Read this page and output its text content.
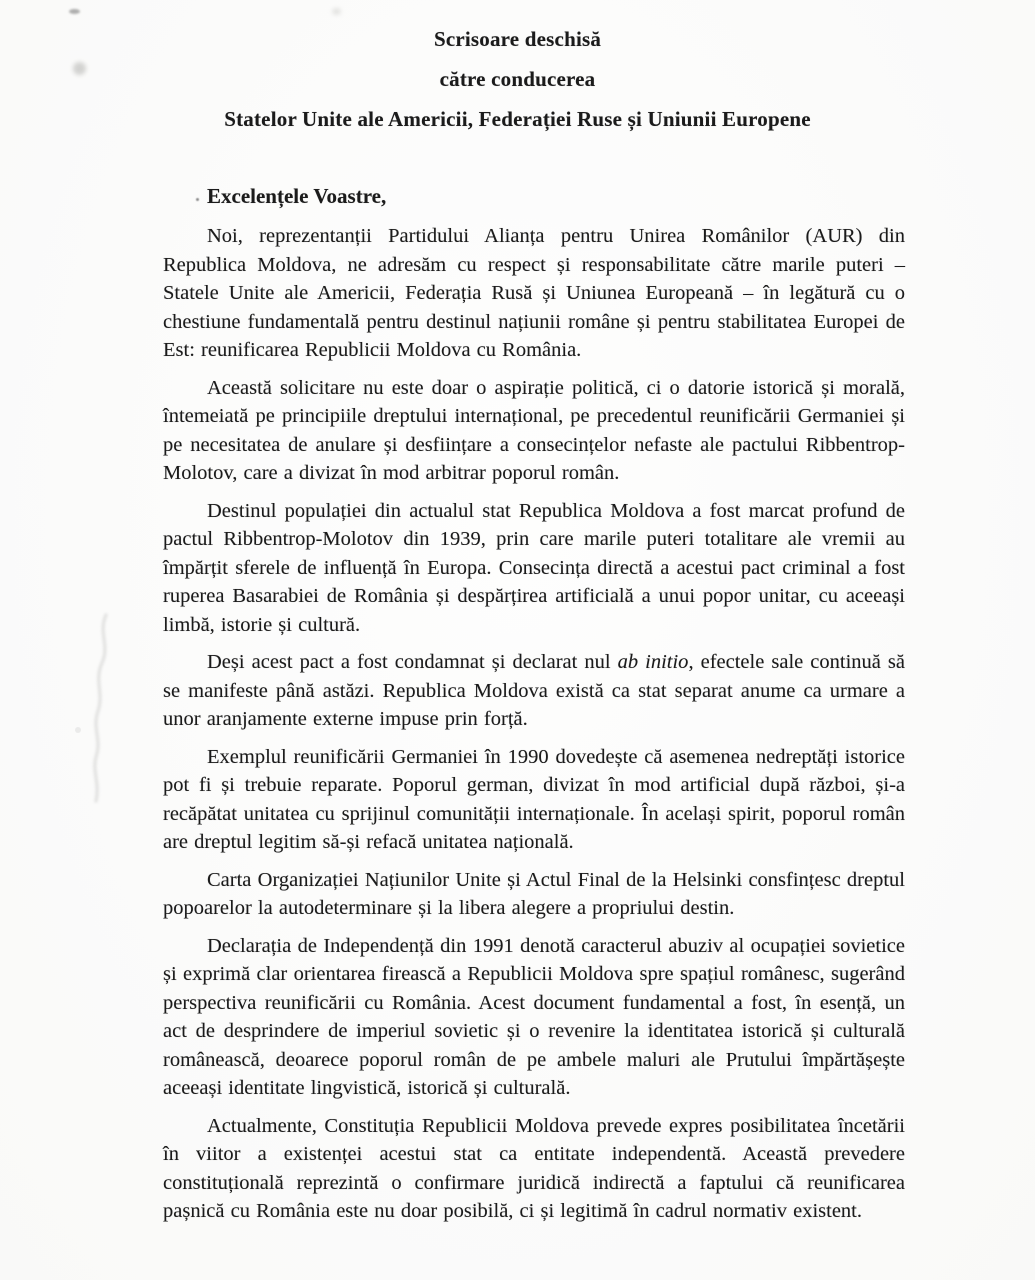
Scrisoare deschisă
către conducerea
Statelor Unite ale Americii, Federației Ruse și Uniunii Europene

Excelențele Voastre,

Noi, reprezentanții Partidului Alianța pentru Unirea Românilor (AUR) din Republica Moldova, ne adresăm cu respect și responsabilitate către marile puteri – Statele Unite ale Americii, Federația Rusă și Uniunea Europeană – în legătură cu o chestiune fundamentală pentru destinul națiunii române și pentru stabilitatea Europei de Est: reunificarea Republicii Moldova cu România.

Această solicitare nu este doar o aspirație politică, ci o datorie istorică și morală, întemeiată pe principiile dreptului internațional, pe precedentul reunificării Germaniei și pe necesitatea de anulare și desființare a consecințelor nefaste ale pactului Ribbentrop-Molotov, care a divizat în mod arbitrar poporul român.

Destinul populației din actualul stat Republica Moldova a fost marcat profund de pactul Ribbentrop-Molotov din 1939, prin care marile puteri totalitare ale vremii au împărțit sferele de influență în Europa. Consecința directă a acestui pact criminal a fost ruperea Basarabiei de România și despărțirea artificială a unui popor unitar, cu aceeași limbă, istorie și cultură.

Deși acest pact a fost condamnat și declarat nul ab initio, efectele sale continuă să se manifeste până astăzi. Republica Moldova există ca stat separat anume ca urmare a unor aranjamente externe impuse prin forță.

Exemplul reunificării Germaniei în 1990 dovedește că asemenea nedreptăți istorice pot fi și trebuie reparate. Poporul german, divizat în mod artificial după război, și-a recăpătat unitatea cu sprijinul comunității internaționale. În același spirit, poporul român are dreptul legitim să-și refacă unitatea națională.

Carta Organizației Națiunilor Unite și Actul Final de la Helsinki consfințesc dreptul popoarelor la autodeterminare și la libera alegere a propriului destin.

Declarația de Independență din 1991 denotă caracterul abuziv al ocupației sovietice și exprimă clar orientarea firească a Republicii Moldova spre spațiul românesc, sugerând perspectiva reunificării cu România. Acest document fundamental a fost, în esență, un act de desprindere de imperiul sovietic și o revenire la identitatea istorică și culturală românească, deoarece poporul român de pe ambele maluri ale Prutului împărtășește aceeași identitate lingvistică, istorică și culturală.

Actualmente, Constituția Republicii Moldova prevede expres posibilitatea încetării în viitor a existenței acestui stat ca entitate independentă. Această prevedere constituțională reprezintă o confirmare juridică indirectă a faptului că reunificarea pașnică cu România este nu doar posibilă, ci și legitimă în cadrul normativ existent.
